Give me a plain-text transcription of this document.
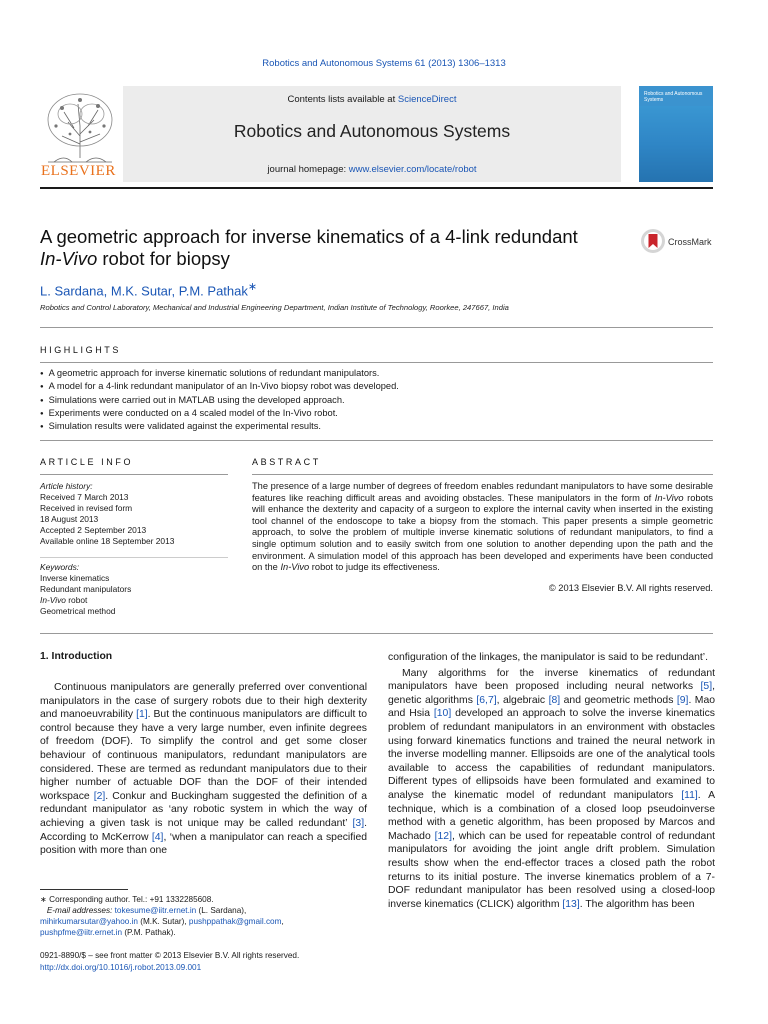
Robotics and Autonomous Systems 61 (2013) 1306–1313
ELSEVIER
Contents lists available at ScienceDirect
Robotics and Autonomous Systems
journal homepage: www.elsevier.com/locate/robot
Robotics and Autonomous Systems
A geometric approach for inverse kinematics of a 4-link redundant
In-Vivo robot for biopsy
CrossMark
L. Sardana, M.K. Sutar, P.M. Pathak∗
Robotics and Control Laboratory, Mechanical and Industrial Engineering Department, Indian Institute of Technology, Roorkee, 247667, India
HIGHLIGHTS
● A geometric approach for inverse kinematic solutions of redundant manipulators.
● A model for a 4-link redundant manipulator of an In-Vivo biopsy robot was developed.
● Simulations were carried out in MATLAB using the developed approach.
● Experiments were conducted on a 4 scaled model of the In-Vivo robot.
● Simulation results were validated against the experimental results.
ARTICLE INFO	ABSTRACT
Article history:
Received 7 March 2013
Received in revised form
18 August 2013
Accepted 2 September 2013
Available online 18 September 2013
Keywords:
Inverse kinematics
Redundant manipulators
In-Vivo robot
Geometrical method
The presence of a large number of degrees of freedom enables redundant manipulators to have some desirable features like reaching difficult areas and avoiding obstacles. These manipulators in the form of In-Vivo robots will enhance the dexterity and capacity of a surgeon to explore the internal cavity when inserted in the existing tool channel of the endoscope to take a biopsy from the stomach. This paper presents a simple geometric approach, to solve the problem of multiple inverse kinematic solutions of redundant manipulators, to find a single optimum solution and to easily switch from one solution to another depending upon the path and the environment. A simulation model of this approach has been developed and experiments have been conducted on the In-Vivo robot to judge its effectiveness.
© 2013 Elsevier B.V. All rights reserved.
1. Introduction

Continuous manipulators are generally preferred over conventional manipulators in the case of surgery robots due to their high dexterity and manoeuvrability [1]. But the continuous manipulators are difficult to control because they have a very large number, even infinite degrees of freedom (DOF). To simplify the control and get some closer behaviour of continuous manipulators, redundant manipulators are considered. These are termed as redundant manipulators due to their higher number of actuable DOF than the DOF of their intended workspace [2]. Conkur and Buckingham suggested the definition of a redundant manipulator as ‘any robotic system in which the way of achieving a given task is not unique may be called redundant’ [3]. According to McKerrow [4], ‘when a manipulator can reach a specified position with more than one

configuration of the linkages, the manipulator is said to be redundant’.

Many algorithms for the inverse kinematics of redundant manipulators have been proposed including neural networks [5], genetic algorithms [6,7], algebraic [8] and geometric methods [9]. Mao and Hsia [10] developed an approach to solve the inverse kinematics problem of redundant manipulators in an environment with obstacles using forward kinematics functions and trained the neural network in the inverse modelling manner. Ellipsoids are one of the analytical tools available to access the capabilities of redundant manipulators. Different types of ellipsoids have been formulated and examined to analyse the kinematic model of redundant manipulators [11]. A technique, which is a combination of a closed loop pseudoinverse method with a genetic algorithm, has been proposed by Marcos and Machado [12], which can be used for repeatable control of redundant manipulators for avoiding the joint angle drift problem. Simulation results show when the end-effector traces a closed path the robot returns to its initial posture. The inverse kinematics problem of a 7-DOF redundant manipulator has been resolved using a closed-loop inverse kinematics (CLICK) algorithm [13]. The algorithm has been

∗ Corresponding author. Tel.: +91 1332285608.
E-mail addresses: tokesume@iitr.ernet.in (L. Sardana),
mihirkumarsutar@yahoo.in (M.K. Sutar), pushppathak@gmail.com,
pushpfme@iitr.ernet.in (P.M. Pathak).
0921-8890/$ – see front matter © 2013 Elsevier B.V. All rights reserved.
http://dx.doi.org/10.1016/j.robot.2013.09.001
